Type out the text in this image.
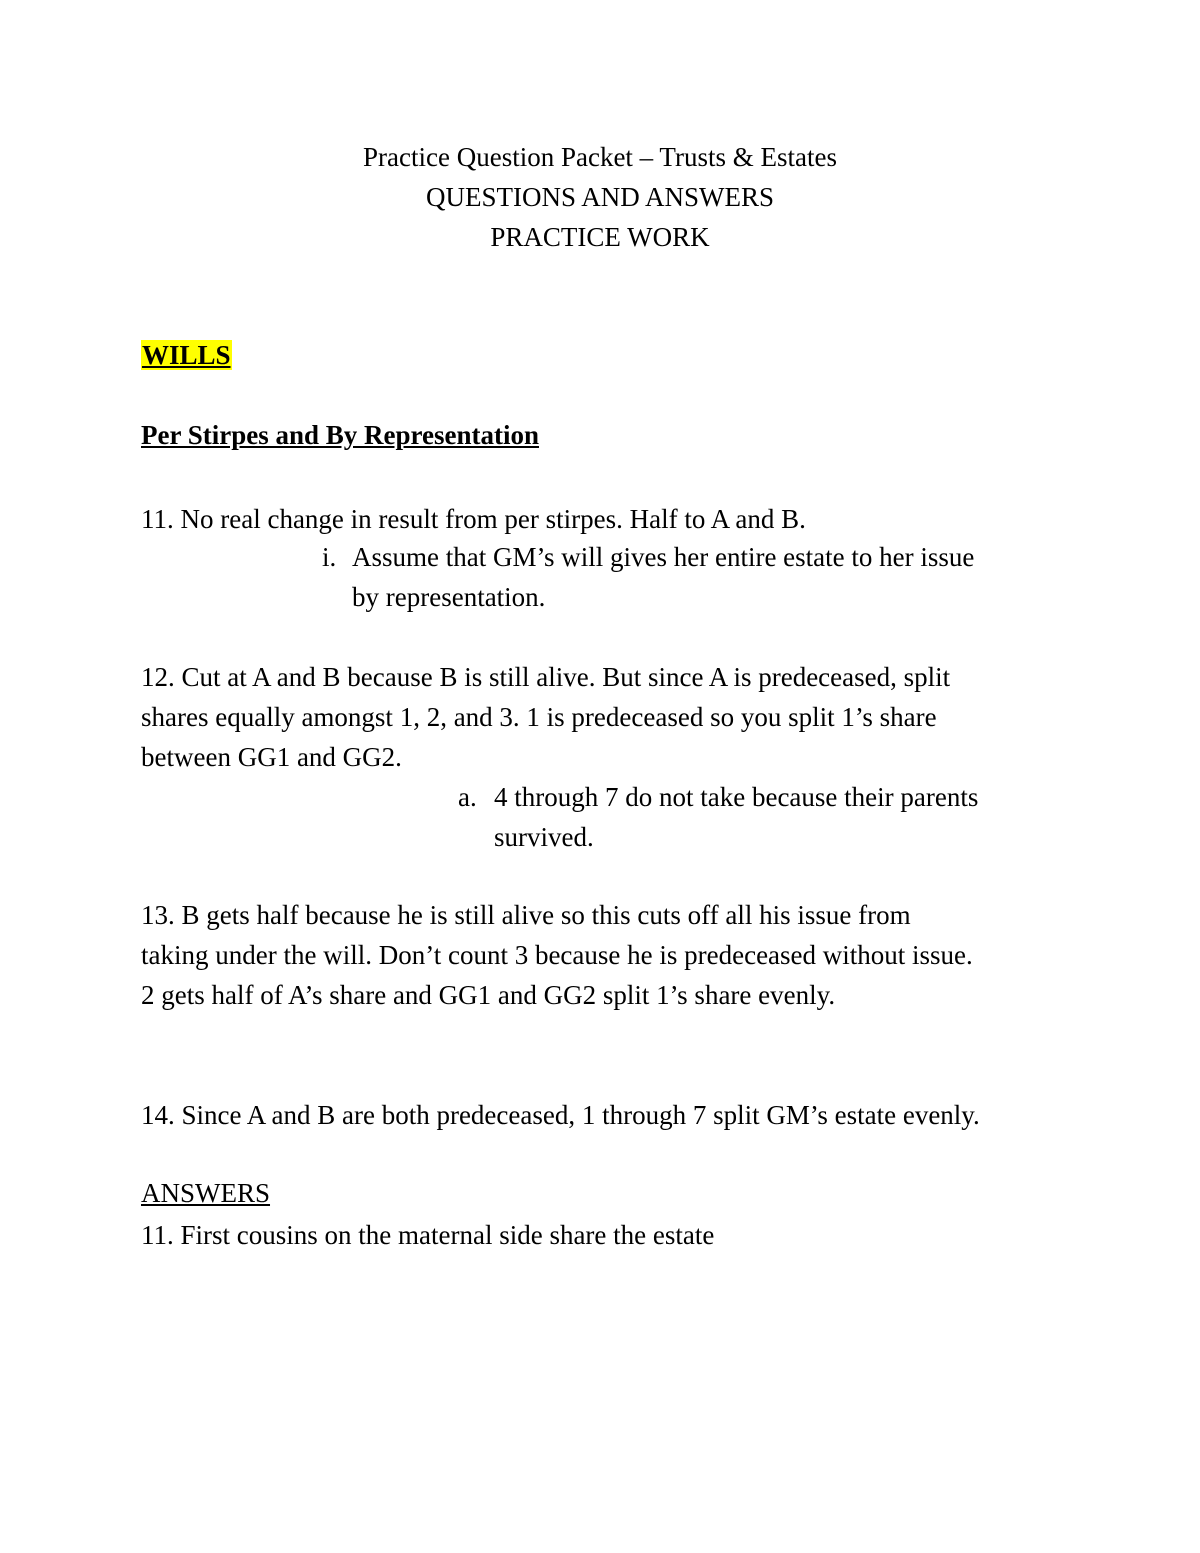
Practice Question Packet – Trusts & Estates
QUESTIONS AND ANSWERS
PRACTICE WORK
WILLS
Per Stirpes and By Representation
11. No real change in result from per stirpes. Half to A and B.
i. Assume that GM’s will gives her entire estate to her issue
by representation.
12. Cut at A and B because B is still alive. But since A is predeceased, split
shares equally amongst 1, 2, and 3. 1 is predeceased so you split 1’s share
between GG1 and GG2.
a. 4 through 7 do not take because their parents
survived.
13. B gets half because he is still alive so this cuts off all his issue from
taking under the will. Don’t count 3 because he is predeceased without issue.
2 gets half of A’s share and GG1 and GG2 split 1’s share evenly.
14. Since A and B are both predeceased, 1 through 7 split GM’s estate evenly.
ANSWERS
11. First cousins on the maternal side share the estate
